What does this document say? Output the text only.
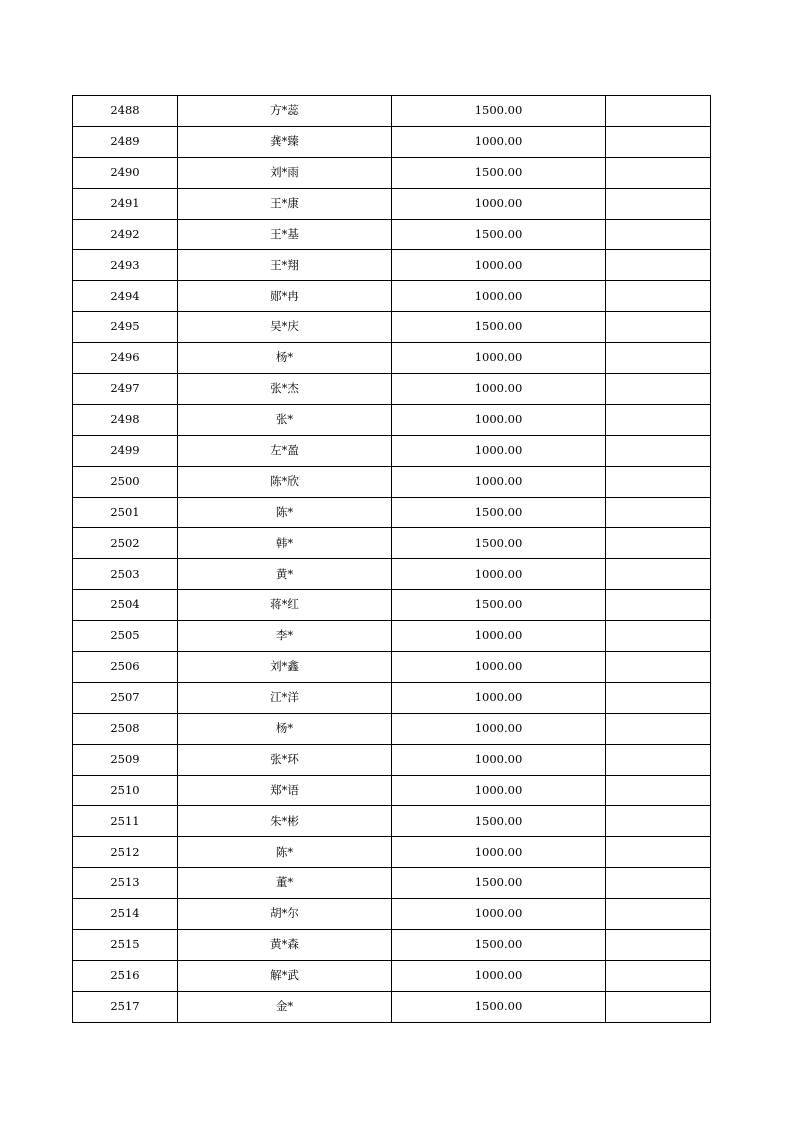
2488	方*蕊	1500.00	
2489	龚*臻	1000.00	
2490	刘*雨	1500.00	
2491	王*康	1000.00	
2492	王*基	1500.00	
2493	王*翔	1000.00	
2494	郧*冉	1000.00	
2495	吴*庆	1500.00	
2496	杨*	1000.00	
2497	张*杰	1000.00	
2498	张*	1000.00	
2499	左*盈	1000.00	
2500	陈*欣	1000.00	
2501	陈*	1500.00	
2502	韩*	1500.00	
2503	黄*	1000.00	
2504	蒋*红	1500.00	
2505	李*	1000.00	
2506	刘*鑫	1000.00	
2507	江*洋	1000.00	
2508	杨*	1000.00	
2509	张*环	1000.00	
2510	郑*语	1000.00	
2511	朱*彬	1500.00	
2512	陈*	1000.00	
2513	董*	1500.00	
2514	胡*尔	1000.00	
2515	黄*森	1500.00	
2516	解*武	1000.00	
2517	金*	1500.00	
